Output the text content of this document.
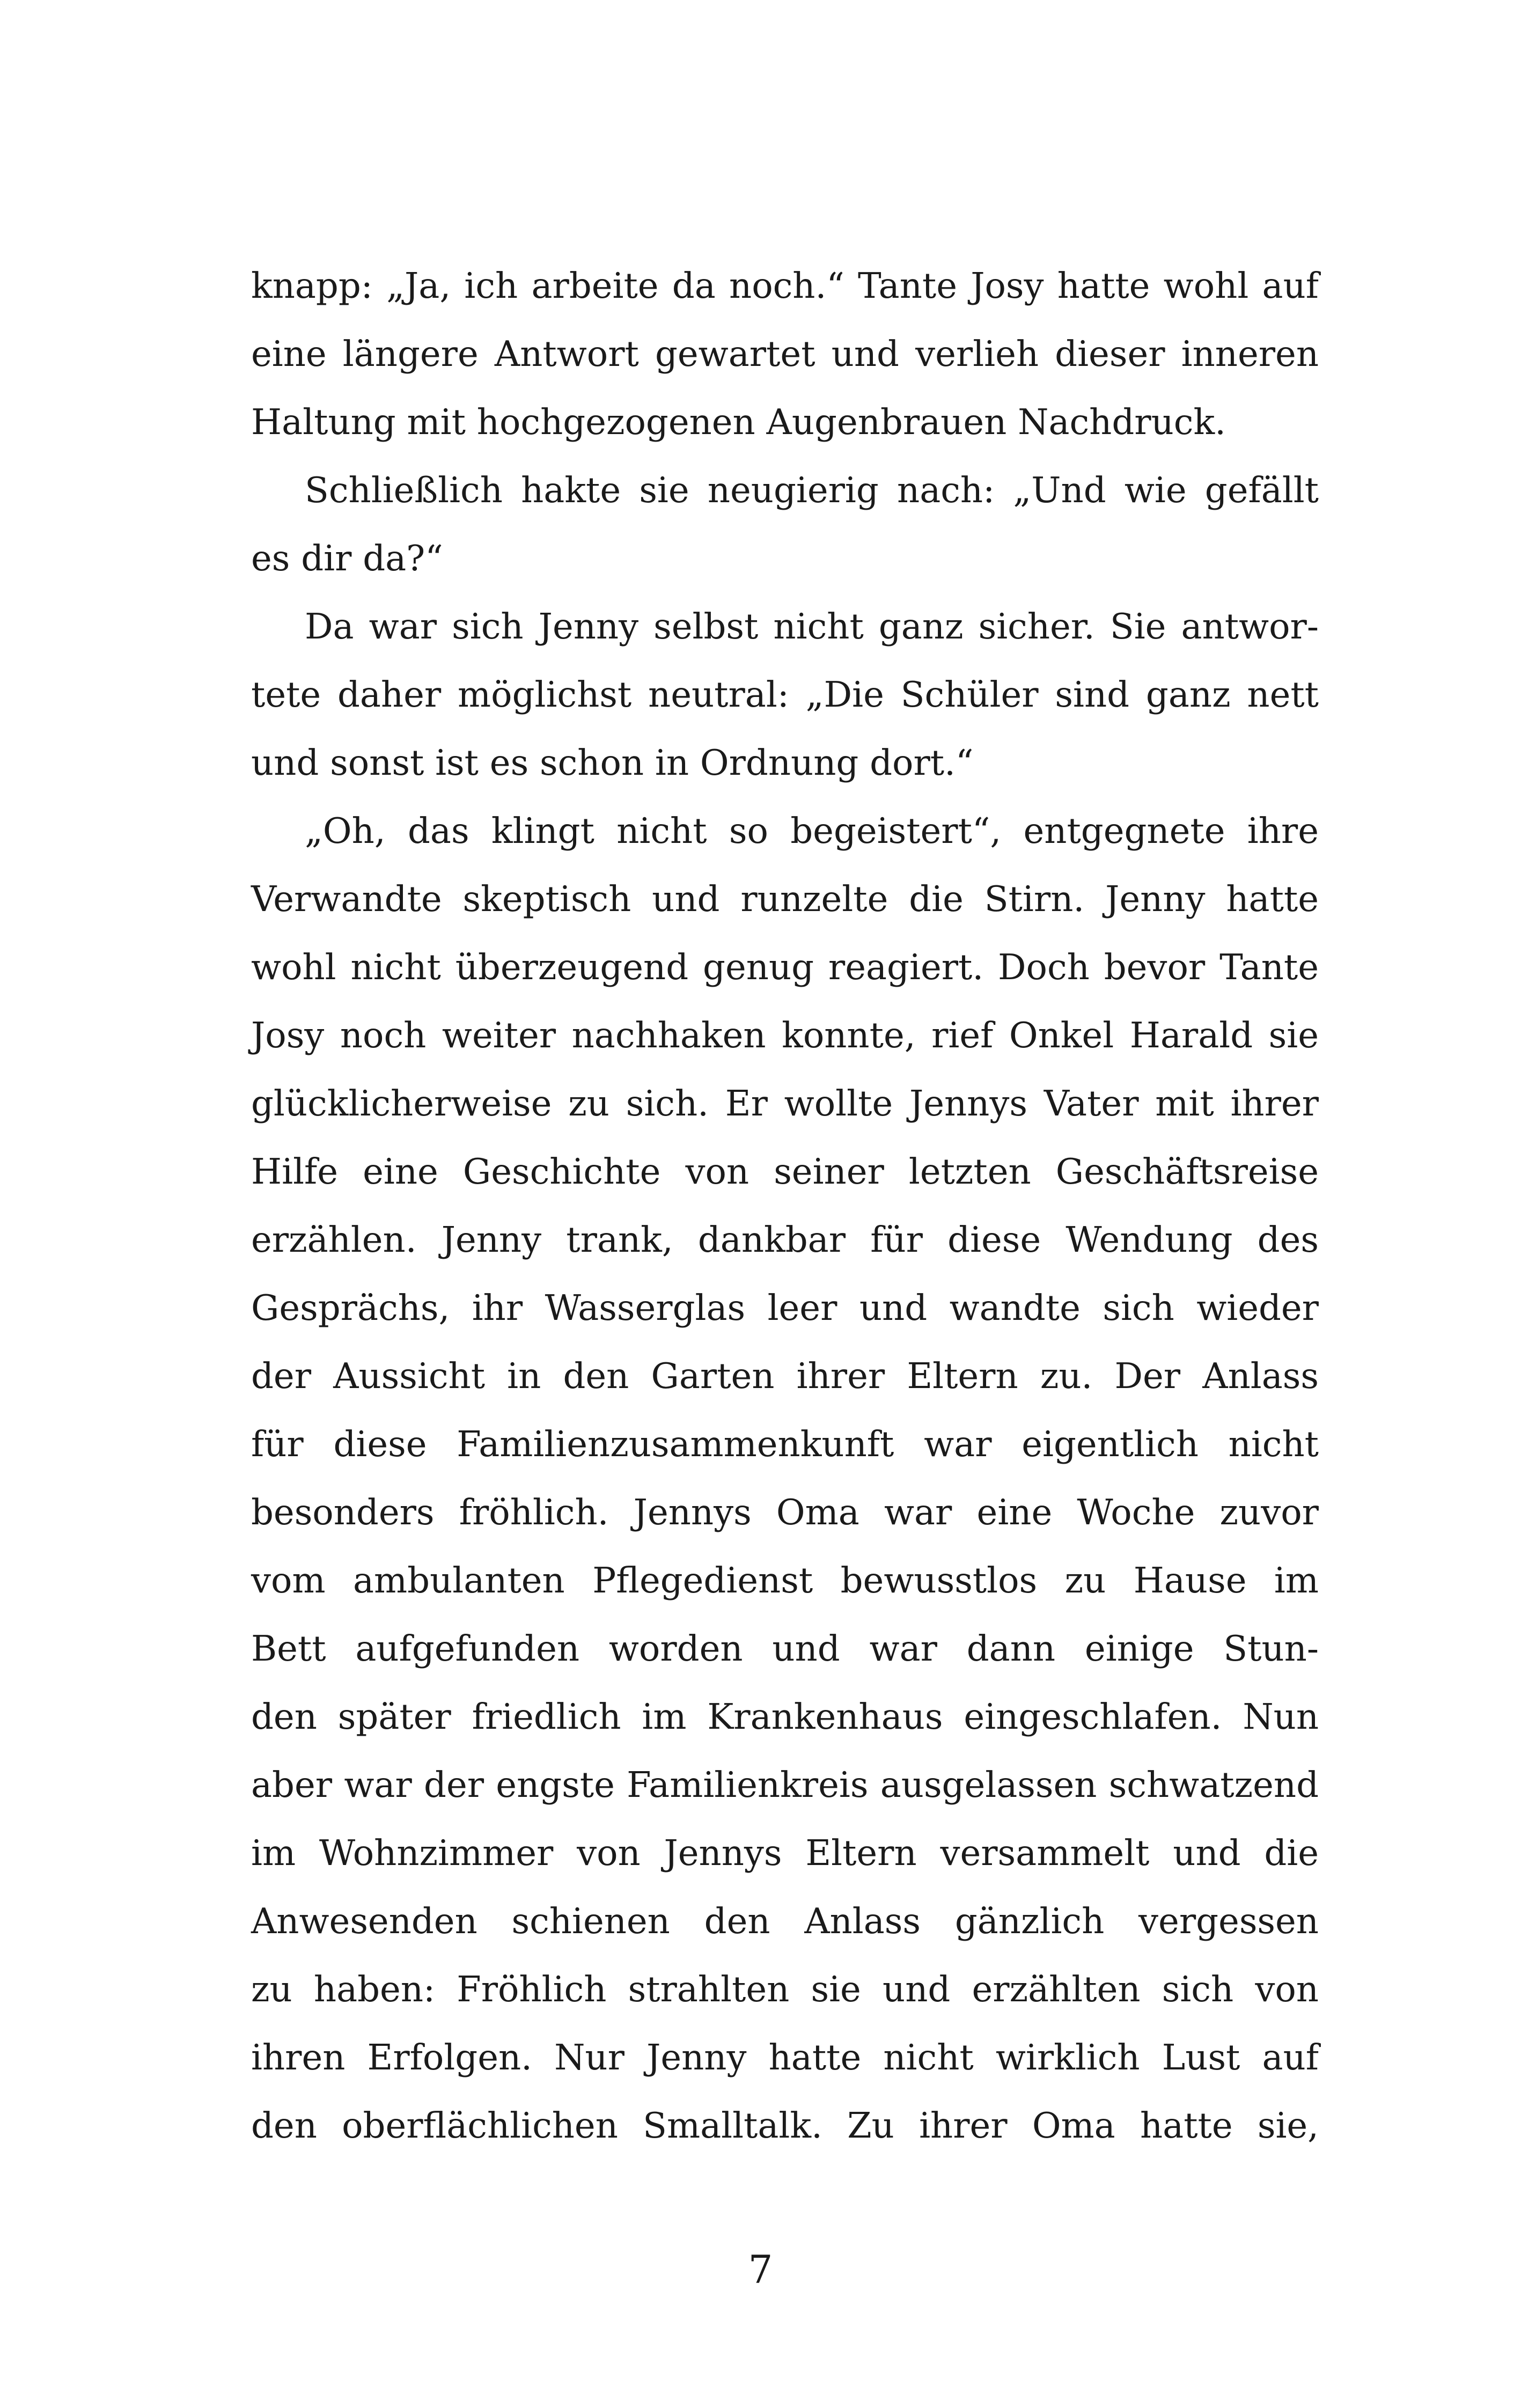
knapp: „Ja, ich arbeite da noch.“ Tante Josy hatte wohl auf
eine längere Antwort gewartet und verlieh dieser inneren
Haltung mit hochgezogenen Augenbrauen Nachdruck.
Schließlich hakte sie neugierig nach: „Und wie gefällt
es dir da?“
Da war sich Jenny selbst nicht ganz sicher. Sie antwor-
tete daher möglichst neutral: „Die Schüler sind ganz nett
und sonst ist es schon in Ordnung dort.“
„Oh, das klingt nicht so begeistert“, entgegnete ihre
Verwandte skeptisch und runzelte die Stirn. Jenny hatte
wohl nicht überzeugend genug reagiert. Doch bevor Tante
Josy noch weiter nachhaken konnte, rief Onkel Harald sie
glücklicherweise zu sich. Er wollte Jennys Vater mit ihrer
Hilfe eine Geschichte von seiner letzten Geschäftsreise
erzählen. Jenny trank, dankbar für diese Wendung des
Gesprächs, ihr Wasserglas leer und wandte sich wieder
der Aussicht in den Garten ihrer Eltern zu. Der Anlass
für diese Familienzusammenkunft war eigentlich nicht
besonders fröhlich. Jennys Oma war eine Woche zuvor
vom ambulanten Pflegedienst bewusstlos zu Hause im
Bett aufgefunden worden und war dann einige Stun-
den später friedlich im Krankenhaus eingeschlafen. Nun
aber war der engste Familienkreis ausgelassen schwatzend
im Wohnzimmer von Jennys Eltern versammelt und die
Anwesenden schienen den Anlass gänzlich vergessen
zu haben: Fröhlich strahlten sie und erzählten sich von
ihren Erfolgen. Nur Jenny hatte nicht wirklich Lust auf
den oberflächlichen Smalltalk. Zu ihrer Oma hatte sie,
7
